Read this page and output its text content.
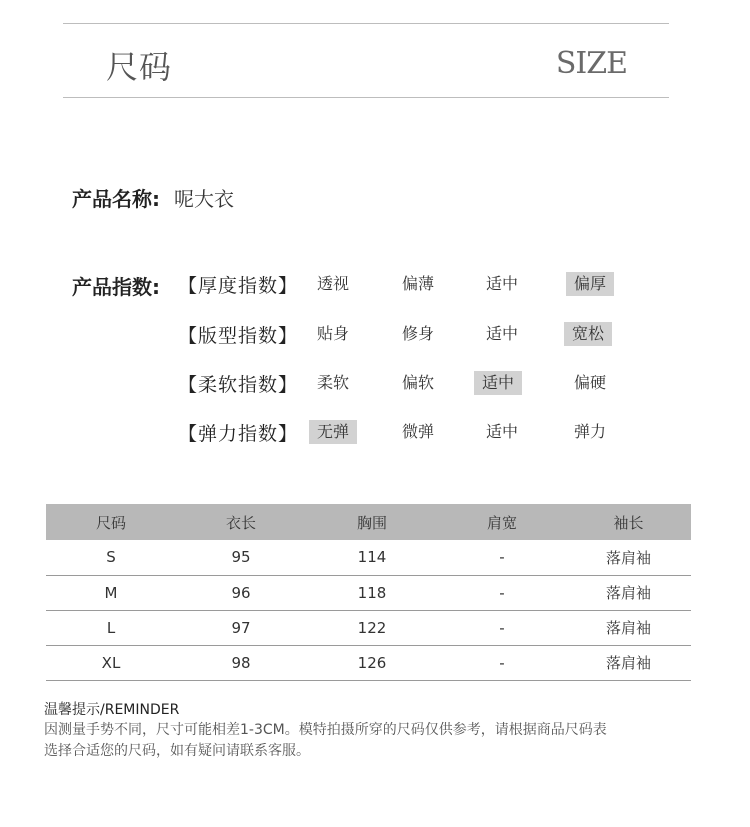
尺码	SIZE
产品名称: 呢大衣
产品指数: 【厚度指数】	透视	偏薄	适中	偏厚
【版型指数】	贴身	修身	适中	宽松
【柔软指数】	柔软	偏软	适中	偏硬
【弹力指数】	无弹	微弹	适中	弹力
尺码	衣长	胸围	肩宽	袖长
S	95	114	-	落肩袖
M	96	118	-	落肩袖
L	97	122	-	落肩袖
XL	98	126	-	落肩袖
温馨提示/REMINDER
因测量手势不同，尺寸可能相差1-3CM。模特拍摄所穿的尺码仅供参考，请根据商品尺码表
选择合适您的尺码，如有疑问请联系客服。
